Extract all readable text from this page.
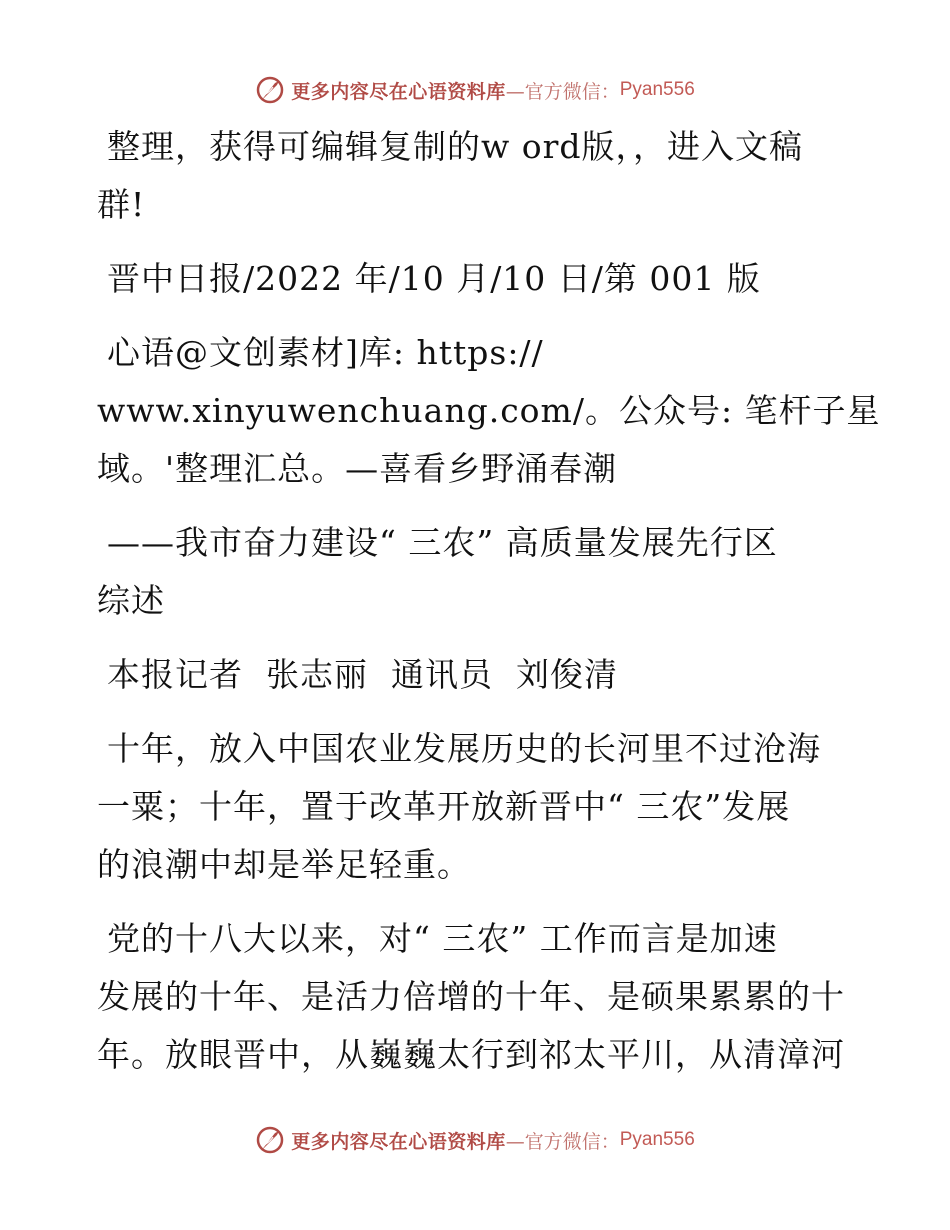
更多内容尽在心语资料库 —官方微信： Pyan556
整理，获得可编辑复制的w ord版，，进入文稿
群!
晋中日报/2022 年/10 月/10 日/第 001 版
心语@文创素材]库: https://
www.xinyuwenchuang.com/。公众号: 笔杆子星
域。'整理汇总。—喜看乡野涌春潮
——我市奋力建设“ 三农” 高质量发展先行区
综述
本报记者  张志丽  通讯员  刘俊清
十年，放入中国农业发展历史的长河里不过沧海
一粟；十年，置于改革开放新晋中“ 三农”发展
的浪潮中却是举足轻重。
党的十八大以来，对“ 三农” 工作而言是加速
发展的十年、是活力倍增的十年、是硕果累累的十
年。放眼晋中，从巍巍太行到祁太平川，从清漳河
更多内容尽在心语资料库 —官方微信： Pyan556
